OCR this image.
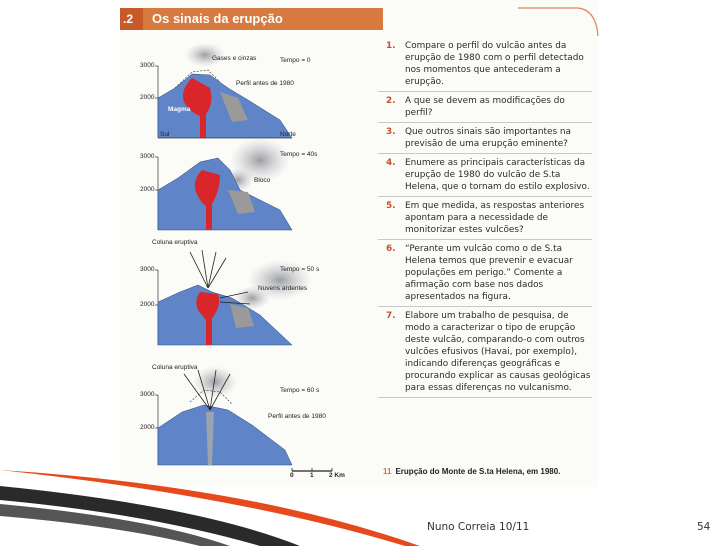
.2	Os sinais da erupção
3000
2000
Gases e cinzas	Tempo = 0
Perfil antes de 1980
Magma
Sul	Norte
3000
2000
Tempo = 40s
Bloco
3000
2000
Coluna eruptiva
Tempo = 50 s
Nuvens ardentes
3000
2000
Coluna eruptiva
Tempo = 60 s
Perfil antes de 1980
0	1 2 Km
1. Compare o perfil do vulcão antes da erupção de 1980 com o perfil detectado nos momentos que antecederam a erupção.
2. A que se devem as modificações do perfil?
3. Que outros sinais são importantes na previsão de uma erupção eminente?
4. Enumere as principais características da erupção de 1980 do vulcão de S.ta Helena, que o tornam do estilo explosivo.
5. Em que medida, as respostas anteriores apontam para a necessidade de monitorizar estes vulcões?
6. “Perante um vulcão como o de S.ta Helena temos que prevenir e evacuar populações em perigo.” Comente a afirmação com base nos dados apresentados na figura.
7. Elabore um trabalho de pesquisa, de modo a caracterizar o tipo de erupção deste vulcão, comparando-o com outros vulcões efusivos (Havai, por exemplo), indicando diferenças geográficas e procurando explicar as causas geológicas para essas diferenças no vulcanismo.
11 Erupção do Monte de S.ta Helena, em 1980.
Nuno Correia 10/11	54
